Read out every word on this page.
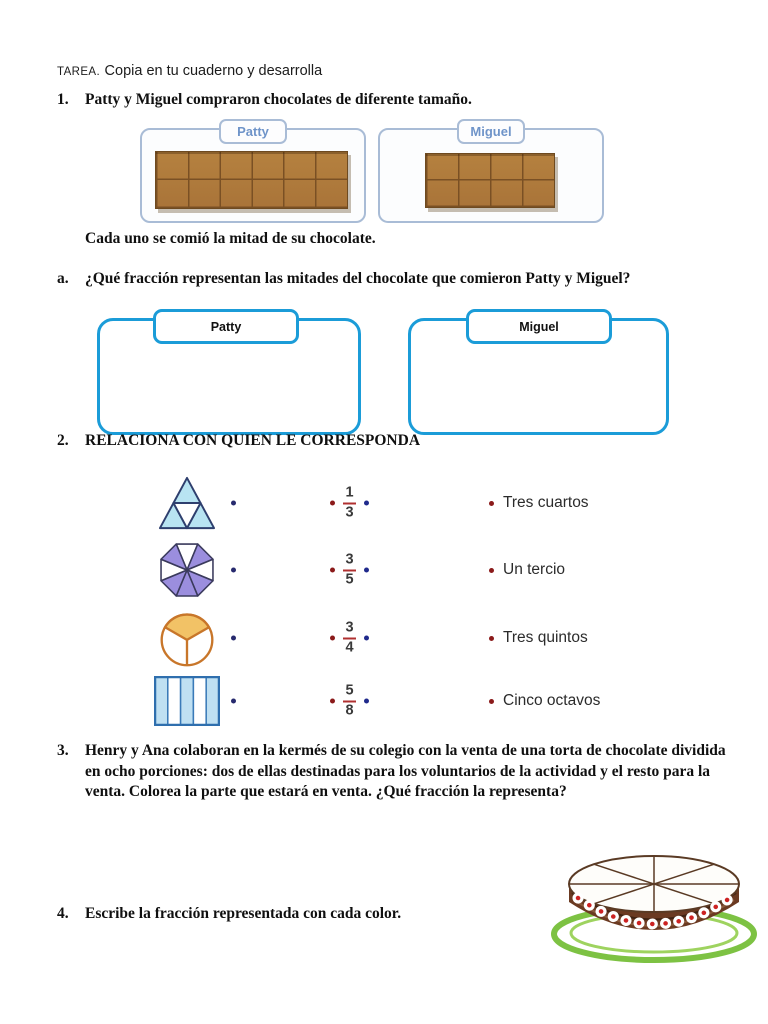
TAREA. Copia en tu cuaderno y desarrolla
1. Patty y Miguel compraron chocolates de diferente tamaño.
Patty	Miguel
Cada uno se comió la mitad de su chocolate.
a. ¿Qué fracción representan las mitades del chocolate que comieron Patty y Miguel?
Patty	Miguel
2. RELACIONA CON QUIEN LE CORRESPONDA
$\frac{1}{3}$	Tres cuartos
$\frac{3}{5}$	Un tercio
$\frac{3}{4}$	Tres quintos
$\frac{5}{8}$	Cinco octavos
3.	Henry y Ana colaboran en la kermés de su colegio con la venta de una torta de chocolate dividida en ocho porciones: dos de ellas destinadas para los voluntarios de la actividad y el resto para la venta. Colorea la parte que estará en venta. ¿Qué fracción la representa?
4. Escribe la fracción representada con cada color.
